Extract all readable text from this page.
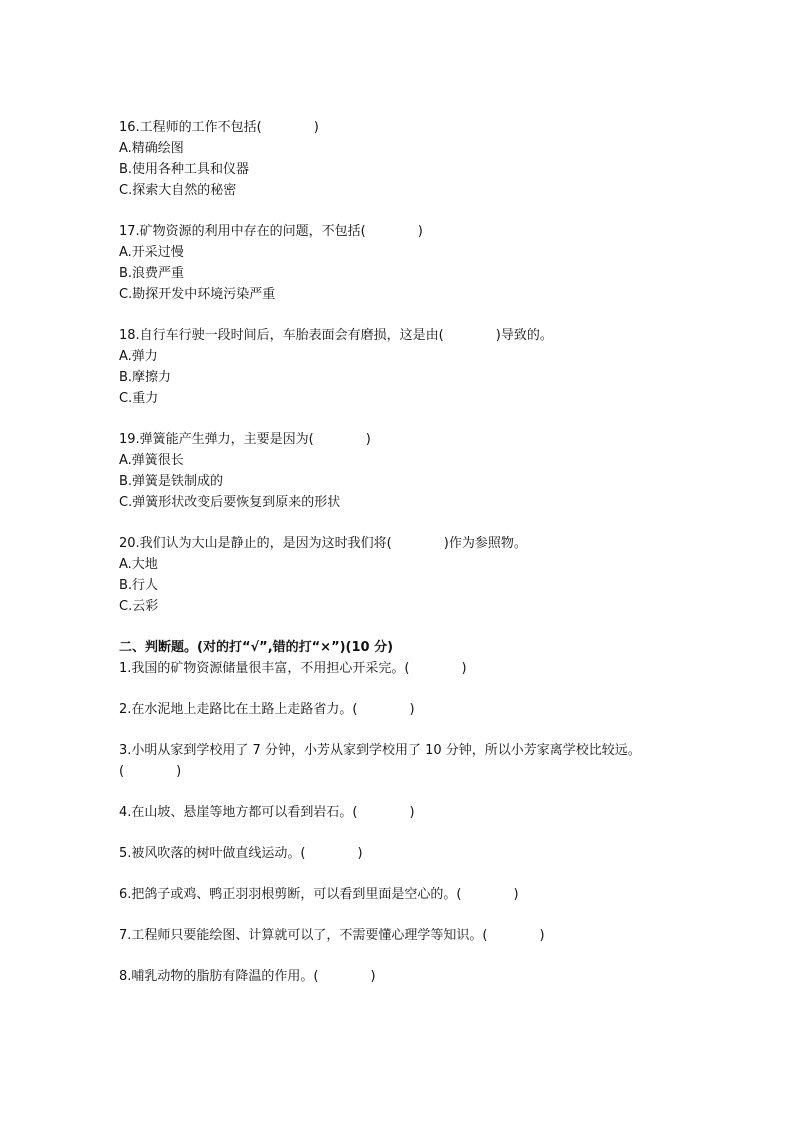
16.工程师的工作不包括(　　　　)
A.精确绘图
B.使用各种工具和仪器
C.探索大自然的秘密
17.矿物资源的利用中存在的问题，不包括(　　　　)
A.开采过慢
B.浪费严重
C.勘探开发中环境污染严重
18.自行车行驶一段时间后，车胎表面会有磨损，这是由(　　　　)导致的。
A.弹力
B.摩擦力
C.重力
19.弹簧能产生弹力，主要是因为(　　　　)
A.弹簧很长
B.弹簧是铁制成的
C.弹簧形状改变后要恢复到原来的形状
20.我们认为大山是静止的，是因为这时我们将(　　　　)作为参照物。
A.大地
B.行人
C.云彩
二、判断题。(对的打“√”,错的打“×”)(10 分)
1.我国的矿物资源储量很丰富，不用担心开采完。(　　　　)
2.在水泥地上走路比在土路上走路省力。(　　　　)
3.小明从家到学校用了 7 分钟，小芳从家到学校用了 10 分钟，所以小芳家离学校比较远。
(　　　　)
4.在山坡、悬崖等地方都可以看到岩石。(　　　　)
5.被风吹落的树叶做直线运动。(　　　　)
6.把鸽子或鸡、鸭正羽羽根剪断，可以看到里面是空心的。(　　　　)
7.工程师只要能绘图、计算就可以了，不需要懂心理学等知识。(　　　　)
8.哺乳动物的脂肪有降温的作用。(　　　　)
